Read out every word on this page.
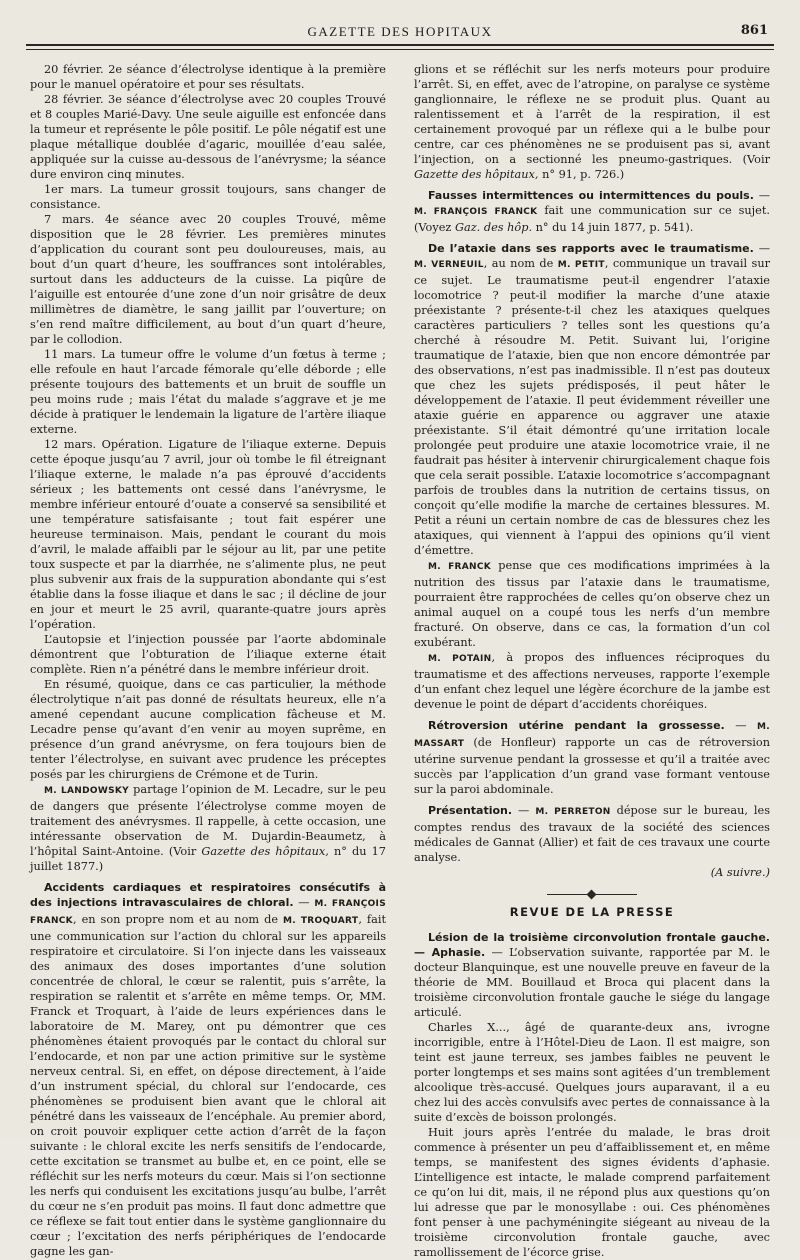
GAZETTE DES HOPITAUX	861

20 février. 2e séance d’électrolyse identique à la première pour le manuel opératoire et pour ses résultats.

28 février. 3e séance d’électrolyse avec 20 couples Trouvé et 8 couples Marié-Davy. Une seule aiguille est enfoncée dans la tumeur et représente le pôle positif. Le pôle négatif est une plaque métallique doublée d’agaric, mouillée d’eau salée, appliquée sur la cuisse au-dessous de l’anévrysme; la séance dure environ cinq minutes.

1er mars. La tumeur grossit toujours, sans changer de consistance.

7 mars. 4e séance avec 20 couples Trouvé, même disposition que le 28 février. Les premières minutes d’application du courant sont peu douloureuses, mais, au bout d’un quart d’heure, les souffrances sont intolérables, surtout dans les adducteurs de la cuisse. La piqûre de l’aiguille est entourée d’une zone d’un noir grisâtre de deux millimètres de diamètre, le sang jaillit par l’ouverture; on s’en rend maître difficilement, au bout d’un quart d’heure, par le collodion.

11 mars. La tumeur offre le volume d’un fœtus à terme ; elle refoule en haut l’arcade fémorale qu’elle déborde ; elle présente toujours des battements et un bruit de souffle un peu moins rude ; mais l’état du malade s’aggrave et je me décide à pratiquer le lendemain la ligature de l’artère iliaque externe.

12 mars. Opération. Ligature de l’iliaque externe. Depuis cette époque jusqu’au 7 avril, jour où tombe le fil étreignant l’iliaque externe, le malade n’a pas éprouvé d’accidents sérieux ; les battements ont cessé dans l’anévrysme, le membre inférieur entouré d’ouate a conservé sa sensibilité et une température satisfaisante ; tout fait espérer une heureuse terminaison. Mais, pendant le courant du mois d’avril, le malade affaibli par le séjour au lit, par une petite toux suspecte et par la diarrhée, ne s’alimente plus, ne peut plus subvenir aux frais de la suppuration abondante qui s’est établie dans la fosse iliaque et dans le sac ; il décline de jour en jour et meurt le 25 avril, quarante-quatre jours après l’opération.

L’autopsie et l’injection poussée par l’aorte abdominale démontrent que l’obturation de l’iliaque externe était complète. Rien n’a pénétré dans le membre inférieur droit.

En résumé, quoique, dans ce cas particulier, la méthode électrolytique n’ait pas donné de résultats heureux, elle n’a amené cependant aucune complication fâcheuse et M. Lecadre pense qu’avant d’en venir au moyen suprême, en présence d’un grand anévrysme, on fera toujours bien de tenter l’électrolyse, en suivant avec prudence les préceptes posés par les chirurgiens de Crémone et de Turin.

M. LANDOWSKY partage l’opinion de M. Lecadre, sur le peu de dangers que présente l’électrolyse comme moyen de traitement des anévrysmes. Il rappelle, à cette occasion, une intéressante observation de M. Dujardin-Beaumetz, à l’hôpital Saint-Antoine. (Voir Gazette des hôpitaux, n° du 17 juillet 1877.)

Accidents cardiaques et respiratoires consécutifs à des injections intravasculaires de chloral. — M. FRANÇOIS FRANCK, en son propre nom et au nom de M. TROQUART, fait une communication sur l’action du chloral sur les appareils respiratoire et circulatoire. Si l’on injecte dans les vaisseaux des animaux des doses importantes d’une solution concentrée de chloral, le cœur se ralentit, puis s’arrête, la respiration se ralentit et s’arrête en même temps. Or, MM. Franck et Troquart, à l’aide de leurs expériences dans le laboratoire de M. Marey, ont pu démontrer que ces phénomènes étaient provoqués par le contact du chloral sur l’endocarde, et non par une action primitive sur le système nerveux central. Si, en effet, on dépose directement, à l’aide d’un instrument spécial, du chloral sur l’endocarde, ces phénomènes se produisent bien avant que le chloral ait pénétré dans les vaisseaux de l’encéphale. Au premier abord, on croit pouvoir expliquer cette action d’arrêt de la façon suivante : le chloral excite les nerfs sensitifs de l’endocarde, cette excitation se transmet au bulbe et, en ce point, elle se réfléchit sur les nerfs moteurs du cœur. Mais si l’on sectionne les nerfs qui conduisent les excitations jusqu’au bulbe, l’arrêt du cœur ne s’en produit pas moins. Il faut donc admettre que ce réflexe se fait tout entier dans le système ganglionnaire du cœur ; l’excitation des nerfs périphériques de l’endocarde gagne les gan-

glions et se réfléchit sur les nerfs moteurs pour produire l’arrêt. Si, en effet, avec de l’atropine, on paralyse ce système ganglionnaire, le réflexe ne se produit plus. Quant au ralentissement et à l’arrêt de la respiration, il est certainement provoqué par un réflexe qui a le bulbe pour centre, car ces phénomènes ne se produisent pas si, avant l’injection, on a sectionné les pneumo-gastriques. (Voir Gazette des hôpitaux, n° 91, p. 726.)

Fausses intermittences ou intermittences du pouls. — M. FRANÇOIS FRANCK fait une communication sur ce sujet. (Voyez Gaz. des hôp. n° du 14 juin 1877, p. 541).

De l’ataxie dans ses rapports avec le traumatisme. — M. VERNEUIL, au nom de M. PETIT, communique un travail sur ce sujet. Le traumatisme peut-il engendrer l’ataxie locomotrice ? peut-il modifier la marche d’une ataxie préexistante ? présente-t-il chez les ataxiques quelques caractères particuliers ? telles sont les questions qu’a cherché à résoudre M. Petit. Suivant lui, l’origine traumatique de l’ataxie, bien que non encore démontrée par des observations, n’est pas inadmissible. Il n’est pas douteux que chez les sujets prédisposés, il peut hâter le développement de l’ataxie. Il peut évidemment réveiller une ataxie guérie en apparence ou aggraver une ataxie préexistante. S’il était démontré qu’une irritation locale prolongée peut produire une ataxie locomotrice vraie, il ne faudrait pas hésiter à intervenir chirurgicalement chaque fois que cela serait possible. L’ataxie locomotrice s’accompagnant parfois de troubles dans la nutrition de certains tissus, on conçoit qu’elle modifie la marche de certaines blessures. M. Petit a réuni un certain nombre de cas de blessures chez les ataxiques, qui viennent à l’appui des opinions qu’il vient d’émettre.

M. FRANCK pense que ces modifications imprimées à la nutrition des tissus par l’ataxie dans le traumatisme, pourraient être rapprochées de celles qu’on observe chez un animal auquel on a coupé tous les nerfs d’un membre fracturé. On observe, dans ce cas, la formation d’un col exubérant.

M. POTAIN, à propos des influences réciproques du traumatisme et des affections nerveuses, rapporte l’exemple d’un enfant chez lequel une légère écorchure de la jambe est devenue le point de départ d’accidents choréiques.

Rétroversion utérine pendant la grossesse. — M. MASSART (de Honfleur) rapporte un cas de rétroversion utérine survenue pendant la grossesse et qu’il a traitée avec succès par l’application d’un grand vase formant ventouse sur la paroi abdominale.

Présentation. — M. PERRETON dépose sur le bureau, les comptes rendus des travaux de la société des sciences médicales de Gannat (Allier) et fait de ces travaux une courte analyse.

(A suivre.)

REVUE DE LA PRESSE

Lésion de la troisième circonvolution frontale gauche. — Aphasie. — L’observation suivante, rapportée par M. le docteur Blanquinque, est une nouvelle preuve en faveur de la théorie de MM. Bouillaud et Broca qui placent dans la troisième circonvolution frontale gauche le siége du langage articulé.

Charles X..., âgé de quarante-deux ans, ivrogne incorrigible, entre à l’Hôtel-Dieu de Laon. Il est maigre, son teint est jaune terreux, ses jambes faibles ne peuvent le porter longtemps et ses mains sont agitées d’un tremblement alcoolique très-accusé. Quelques jours auparavant, il a eu chez lui des accès convulsifs avec pertes de connaissance à la suite d’excès de boisson prolongés.

Huit jours après l’entrée du malade, le bras droit commence à présenter un peu d’affaiblissement et, en même temps, se manifestent des signes évidents d’aphasie. L’intelligence est intacte, le malade comprend parfaitement ce qu’on lui dit, mais, il ne répond plus aux questions qu’on lui adresse que par le monosyllabe : oui. Ces phénomènes font penser à une pachyméningite siégeant au niveau de la troisième circonvolution frontale gauche, avec ramollissement de l’écorce grise.
